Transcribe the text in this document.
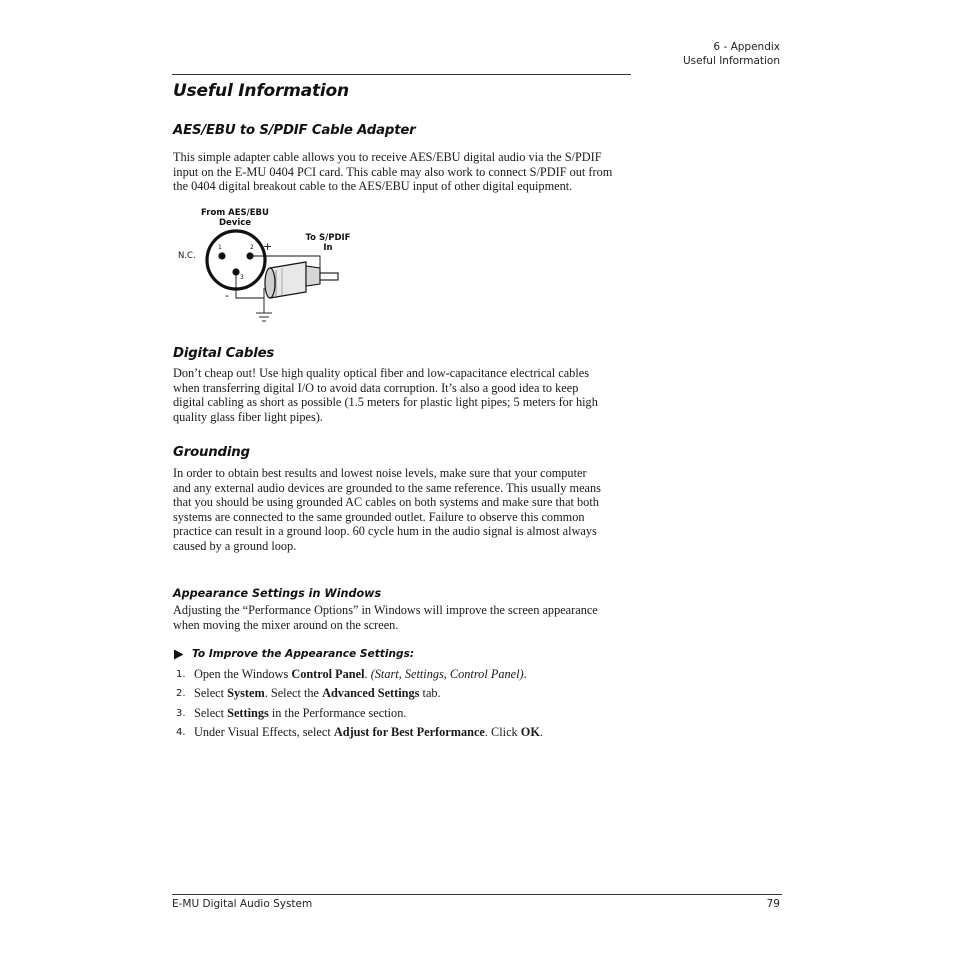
6 - Appendix
Useful Information
Useful Information
AES/EBU to S/PDIF Cable Adapter
This simple adapter cable allows you to receive AES/EBU digital audio via the S/PDIF
input on the E-MU 0404 PCI card. This cable may also work to connect S/PDIF out from
the 0404 digital breakout cable to the AES/EBU input of other digital equipment.
From AES/EBU
Device
To S/PDIF
In
1	2
3
N.C.
+
-
Digital Cables
Don’t cheap out! Use high quality optical fiber and low-capacitance electrical cables
when transferring digital I/O to avoid data corruption. It’s also a good idea to keep
digital cabling as short as possible (1.5 meters for plastic light pipes; 5 meters for high
quality glass fiber light pipes).
Grounding
In order to obtain best results and lowest noise levels, make sure that your computer
and any external audio devices are grounded to the same reference. This usually means
that you should be using grounded AC cables on both systems and make sure that both
systems are connected to the same grounded outlet. Failure to observe this common
practice can result in a ground loop. 60 cycle hum in the audio signal is almost always
caused by a ground loop.
Appearance Settings in Windows
Adjusting the “Performance Options” in Windows will improve the screen appearance
when moving the mixer around on the screen.
To Improve the Appearance Settings:
1. Open the Windows Control Panel. (Start, Settings, Control Panel).
2. Select System. Select the Advanced Settings tab.
3. Select Settings in the Performance section.
4. Under Visual Effects, select Adjust for Best Performance. Click OK.
E-MU Digital Audio System	79
